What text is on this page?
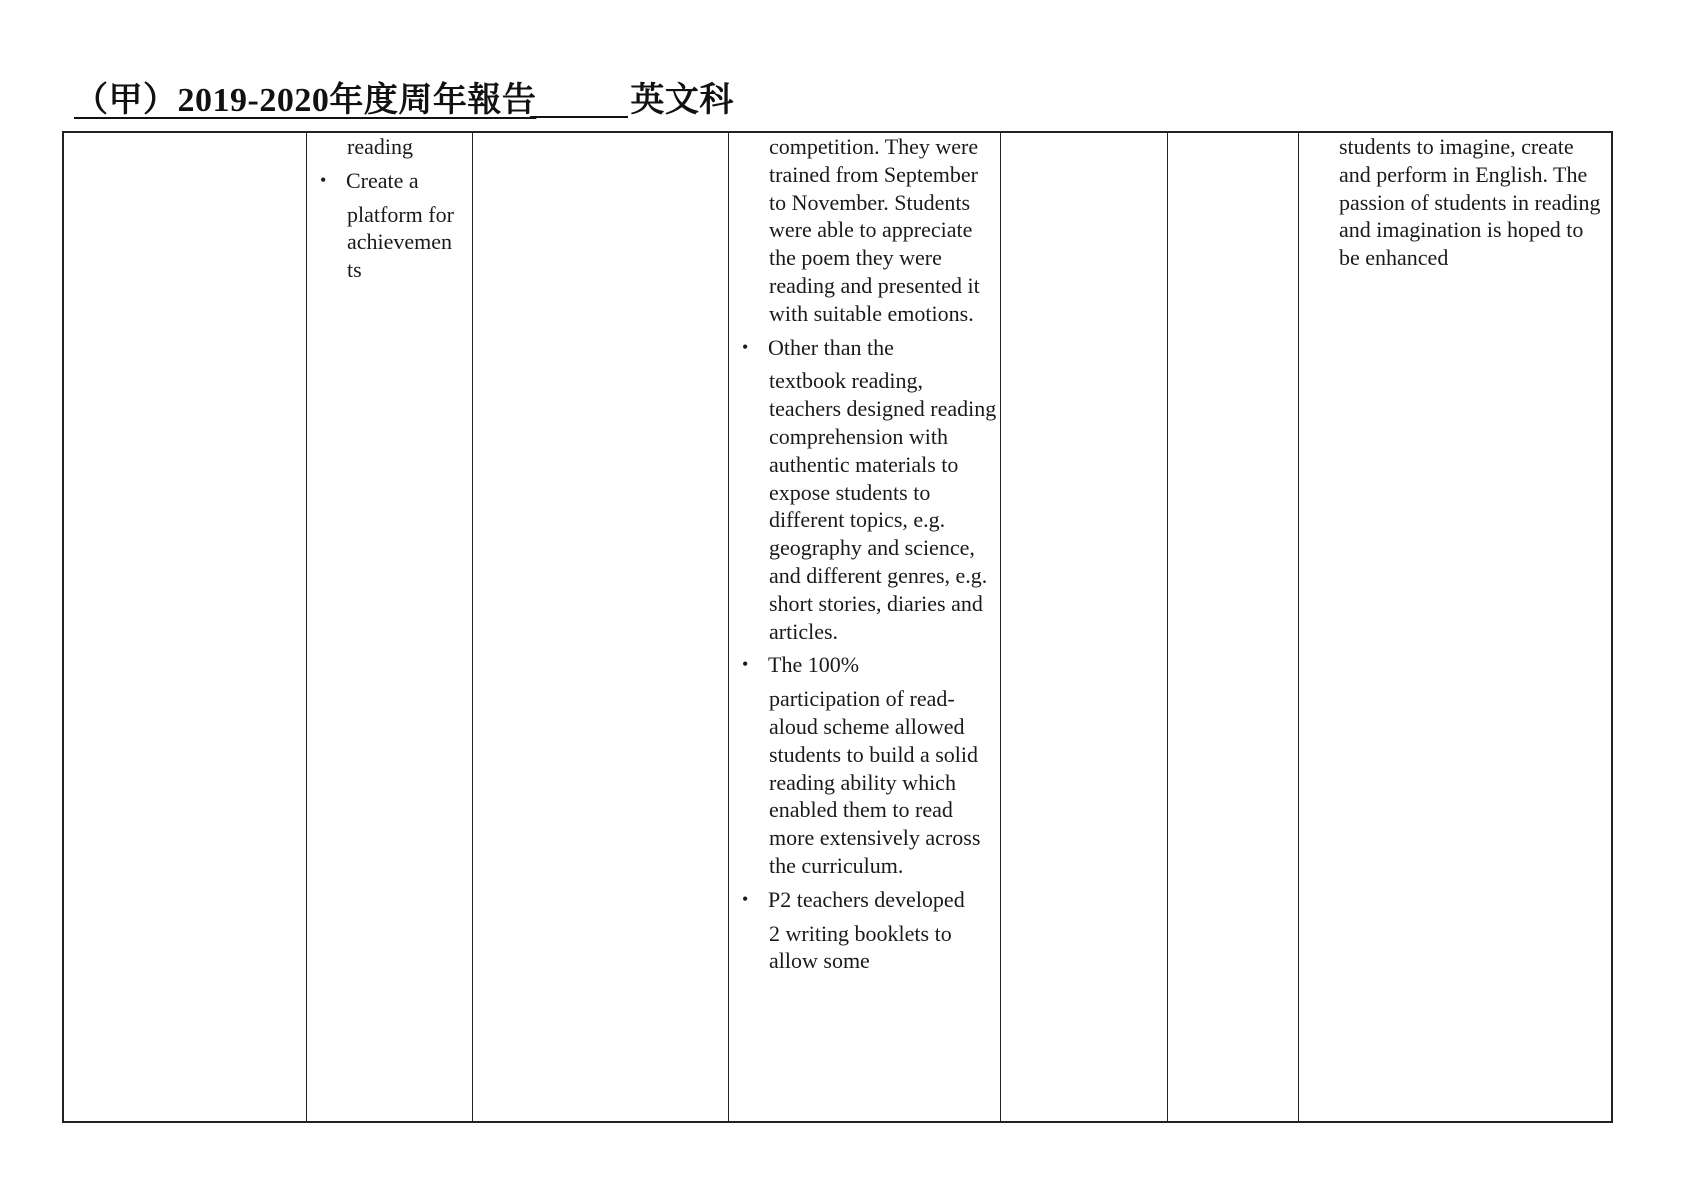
（甲）2019-2020年度周年報告	英文科

reading

• Create a
platform for achievements

competition. They were trained from September to November. Students were able to appreciate the poem they were reading and presented it with suitable emotions.

• Other than the
textbook reading, teachers designed reading comprehension with authentic materials to expose students to different topics, e.g. geography and science, and different genres, e.g. short stories, diaries and articles.
• The 100%
participation of read-aloud scheme allowed students to build a solid reading ability which enabled them to read more extensively across the curriculum.
• P2 teachers developed
2 writing booklets to allow some

students to imagine, create and perform in English. The passion of students in reading and imagination is hoped to be enhanced
